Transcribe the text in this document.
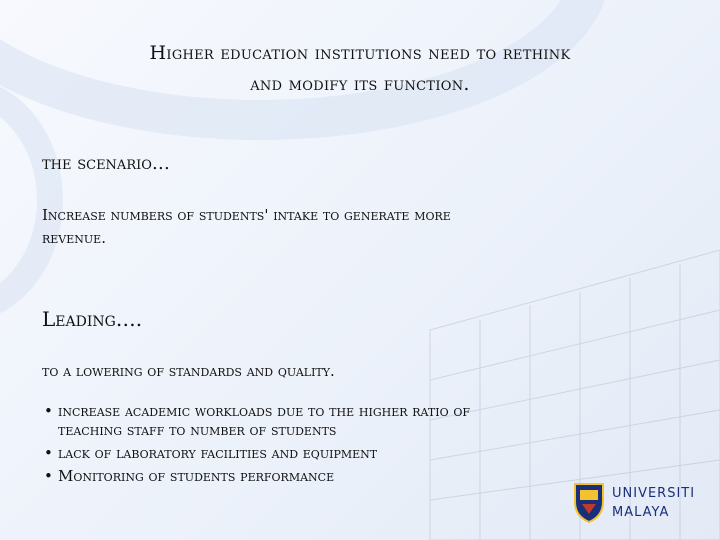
Higher education institutions need to rethink
and modify its function.
the scenario…
Increase numbers of students' intake to generate more
revenue.
Leading….
to a lowering of standards and quality.
• increase academic workloads due to the higher ratio of
teaching staff to number of students
• lack of laboratory facilities and equipment
• Monitoring of students performance
UNIVERSITI
MALAYA
